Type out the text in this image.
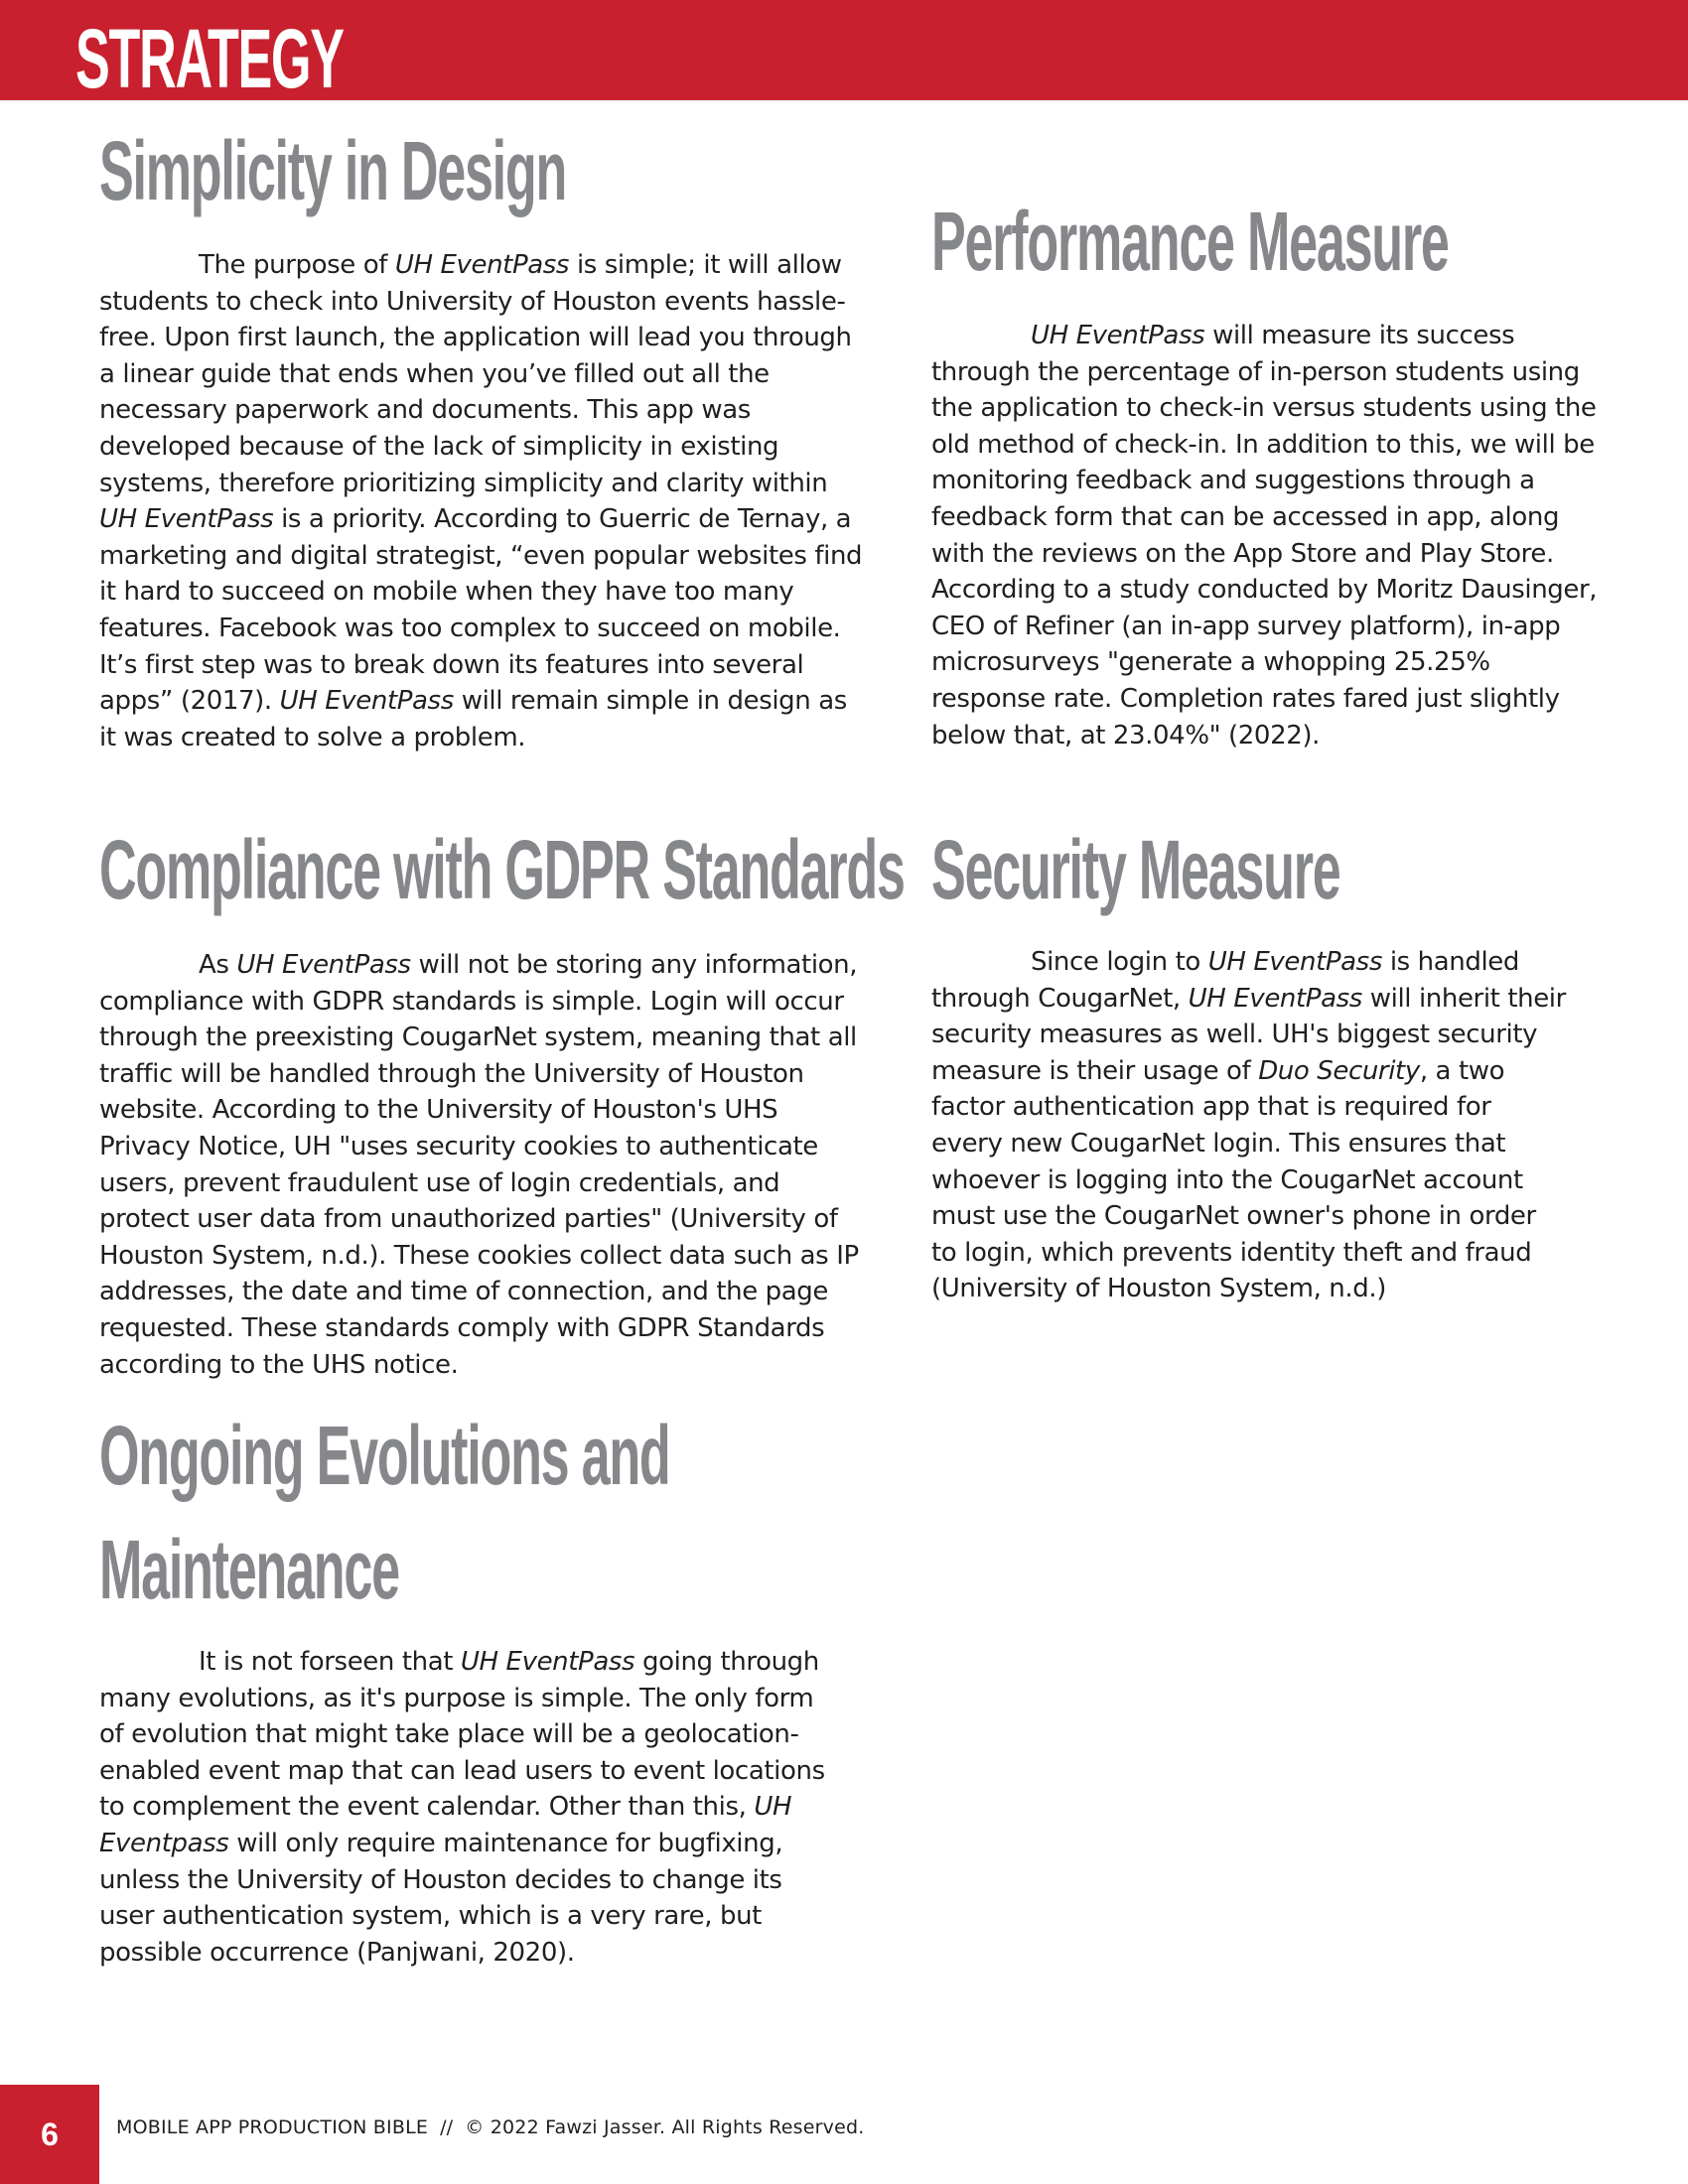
STRATEGY
Simplicity in Design

The purpose of UH EventPass is simple; it will allow students to check into University of Houston events hassle-free. Upon first launch, the application will lead you through a linear guide that ends when you’ve filled out all the necessary paperwork and documents. This app was developed because of the lack of simplicity in existing systems, therefore prioritizing simplicity and clarity within UH EventPass is a priority. According to Guerric de Ternay, a marketing and digital strategist, “even popular websites find it hard to succeed on mobile when they have too many features. Facebook was too complex to succeed on mobile. It’s first step was to break down its features into several apps” (2017). UH EventPass will remain simple in design as it was created to solve a problem.

Performance Measure

UH EventPass will measure its success through the percentage of in-person students using the application to check-in versus students using the old method of check-in. In addition to this, we will be monitoring feedback and suggestions through a feedback form that can be accessed in app, along with the reviews on the App Store and Play Store. According to a study conducted by Moritz Dausinger, CEO of Refiner (an in-app survey platform), in-app microsurveys "generate a whopping 25.25% response rate. Completion rates fared just slightly below that, at 23.04%" (2022).

Compliance with GDPR Standards

As UH EventPass will not be storing any information, compliance with GDPR standards is simple. Login will occur through the preexisting CougarNet system, meaning that all traffic will be handled through the University of Houston website. According to the University of Houston's UHS Privacy Notice, UH "uses security cookies to authenticate users, prevent fraudulent use of login credentials, and protect user data from unauthorized parties" (University of Houston System, n.d.). These cookies collect data such as IP addresses, the date and time of connection, and the page requested. These standards comply with GDPR Standards according to the UHS notice.

Security Measure

Since login to UH EventPass is handled through CougarNet, UH EventPass will inherit their security measures as well. UH's biggest security measure is their usage of Duo Security, a two factor authentication app that is required for every new CougarNet login. This ensures that whoever is logging into the CougarNet account must use the CougarNet owner's phone in order to login, which prevents identity theft and fraud (University of Houston System, n.d.)

Ongoing Evolutions and
Maintenance

It is not forseen that UH EventPass going through many evolutions, as it's purpose is simple. The only form of evolution that might take place will be a geolocation-enabled event map that can lead users to event locations to complement the event calendar. Other than this, UH Eventpass will only require maintenance for bugfixing, unless the University of Houston decides to change its user authentication system, which is a very rare, but possible occurrence (Panjwani, 2020).

6	MOBILE APP PRODUCTION BIBLE // © 2022 Fawzi Jasser. All Rights Reserved.
